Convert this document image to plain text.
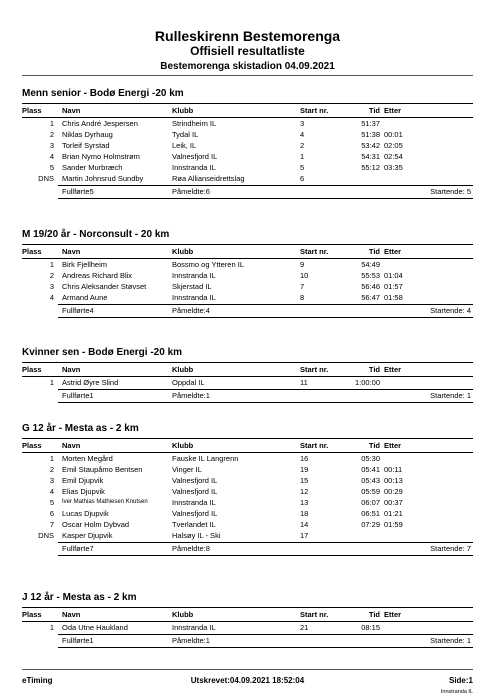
Rulleskirenn Bestemorenga
Offisiell resultatliste
Bestemorenga skistadion 04.09.2021
Menn senior - Bodø Energi -20 km
Plass	Navn	Klubb	Start nr.	Tid Etter
1 Chris André Jespersen	Strindheim IL	3	51:37
2 Niklas Dyrhaug	Tydal IL	4	51:38 00:01
3 Torleif Syrstad	Leik, IL	2	53:42 02:05
4 Brian Nymo Holmstrøm	Valnesfjord IL	1	54:31 02:54
5 Sander Murbræch	Innstranda IL	5	55:12 03:35
DNS Martin Johnsrud Sundby	Røa Allianseidrettslag	6
Fullførte5	Påmeldte:6	Startende: 5
M 19/20 år - Norconsult - 20 km
Plass	Navn	Klubb	Start nr.	Tid Etter
1 Birk Fjellheim	Bossmo og Ytteren IL	9	54:49
2 Andreas Richard Blix	Innstranda IL	10	55:53 01:04
3 Chris Aleksander Støvset	Skjerstad IL	7	56:46 01:57
4 Armand Aune	Innstranda IL	8	56:47 01:58
Fullførte4	Påmeldte:4	Startende: 4
Kvinner sen - Bodø Energi -20 km
Plass	Navn	Klubb	Start nr.	Tid Etter
1 Astrid Øyre Slind	Oppdal IL	11	1:00:00
Fullførte1	Påmeldte:1	Startende: 1
G 12 år - Mesta as - 2 km
Plass	Navn	Klubb	Start nr.	Tid Etter
1 Morten Megård	Fauske IL Langrenn	16	05:30
2 Emil Staupåmo Bentsen	Vinger IL	19	05:41 00:11
3 Emil Djupvik	Valnesfjord IL	15	05:43 00:13
4 Elias Djupvik	Valnesfjord IL	12	05:59 00:29
5 Iver Mathias Mathiesen Knutsen	Innstranda IL	13	06:07 00:37
6 Lucas Djupvik	Valnesfjord IL	18	06:51 01:21
7 Oscar Holm Dybvad	Tverlandet IL	14	07:29 01:59
DNS Kasper Djupvik	Halsøy IL - Ski	17
Fullførte7	Påmeldte:8	Startende: 7
J 12 år - Mesta as - 2 km
Plass	Navn	Klubb	Start nr.	Tid Etter
1 Oda Utne Haukland	Innstranda IL	21	08:15
Fullførte1	Påmeldte:1	Startende: 1
Utskrevet:04.09.2021 18:52:04
eTiming	Side:1
Innstranda IL
